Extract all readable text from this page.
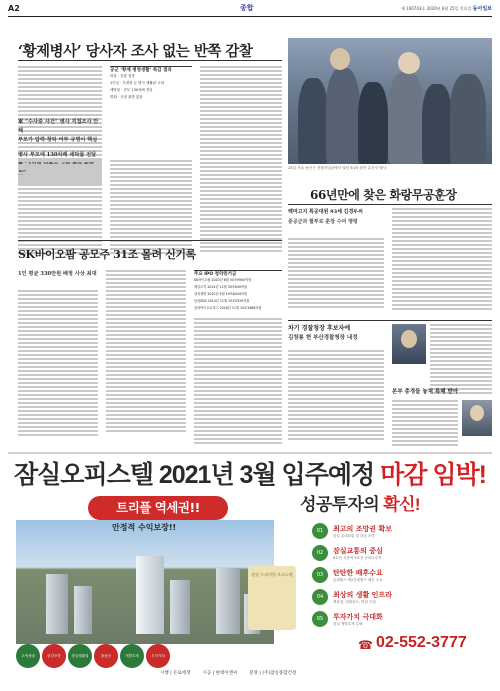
A2	종합	제 100743호 2020년 6월 25일 목요일 동아일보
‘황제병사’ 당사자 조사 없는 반쪽 감찰
軍 “수사중 사건” 병사 직접조사 안해
부모가 압력·청탁 여부 규명이 핵심
병사 부모에 130차례 세탁물 전달
공군 ‘황제 병영생활’ 특감 결과
의혹 · 감찰 결과
1인실 · 부대장 등 병사 생활관 고려
세탁물 · 간부 130차례 전달
면회 · 규정 위반 없음
SK바이오팜 공모주 31조 몰려 신기록
1인 평균 330만원 배정 사상 최대	주요 IPO 청약증거금
SK바이오팜 2020년 6월 30조9900억원
제일모직 2014년 12월 30조649억원
삼성생명 2010년 5월 19조8444억원
삼성SDS 2014년 11월 15조5520억원
삼성바이오로직스 2016년 11월 10조1988억원
25일 서울 용산구 전쟁기념관에서 열린 6·25 참전 유공자 행사.
66년만에 찾은 화랑무공훈장
백마고지 특공대원 93세 김경두씨
중공군과 혈투로 훈장 수여 명령
차기 경찰청장 후보자에
김창룡 현 부산경찰청장 내정
본부 총경들 놓쳐 특혜 받아
잠실오피스텔 2021년 3월 입주예정 마감 임박!
트리플 역세권!!
안정적 수익보장!!
잠실 프리미엄 오피스텔
성공투자의 확신!
01	최고의 조망권 확보
잠실 롯데타워 및 한강 조망
02	잠실교통의 중심
8호선 석촌역·9호선 송파나루역
03	탄탄한 배후수요
롯데월드·제2롯데월드 배후 수요
04	최상의 생활 인프라
백화점, 대형마트, 병원 인접
05	투자가치 극대화
잠실 개발호재 수혜
☎ 02-552-3777
초역세권	한강조망	잠실생활권	풀옵션	개발호재	투자가치
시행 | 유로에셋	시공 | 현대이엔씨	분양 | (주)잠실종합건설
